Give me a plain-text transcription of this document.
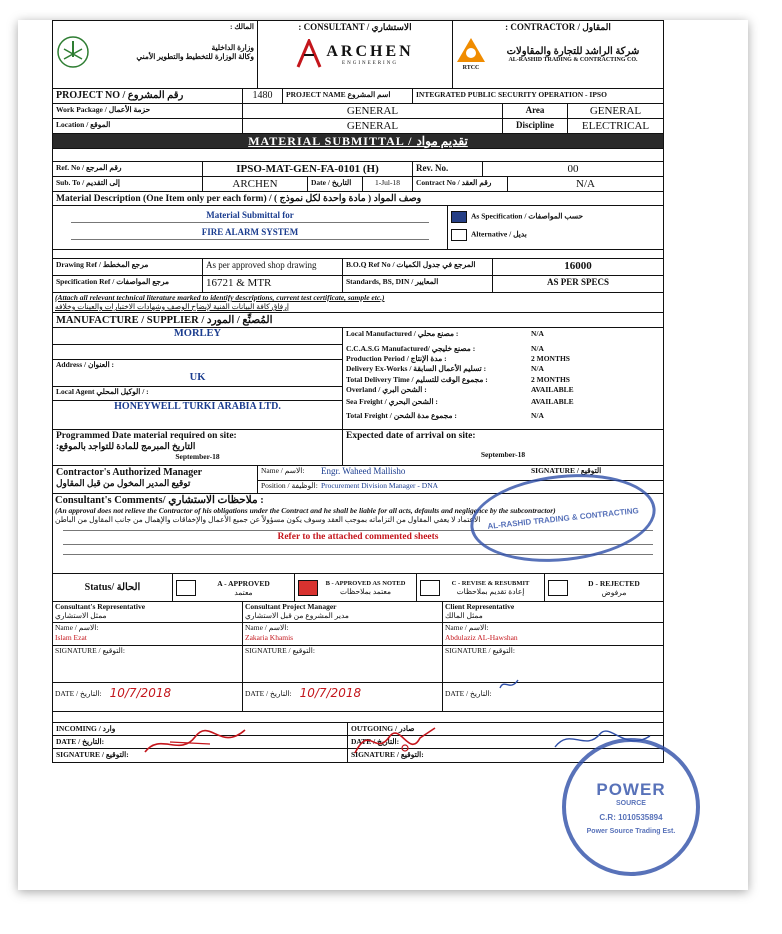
المالك :
وزارة الداخلية
وكالة الوزارة للتخطيط والتطوير الأمني
: CONSULTANT / الاستشاري
ARCHEN
ENGINEERING
: CONTRACTOR / المقاول
RTCC
شركة الراشد للتجارة والمقاولات
AL-RASHID TRADING & CONTRACTING CO.
PROJECT NO / رقم المشروع	1480	PROJECT NAME اسم المشروع	INTEGRATED PUBLIC SECURITY OPERATION - IPSO
Work Package / حزمة الأعمال	GENERAL	Area	GENERAL
Location / الموقع	GENERAL	Discipline	ELECTRICAL
MATERIAL SUBMITTAL / تقديم مواد
Ref. No / رقم المرجع	IPSO-MAT-GEN-FA-0101 (H)	Rev. No.	00
Sub. To / إلى التقديم	ARCHEN	Date / التاريخ	1-Jul-18	Contract No / رقم العقد	N/A
Material Description (One Item only per each form) / وصف المواد ( مادة واحدة لكل نموذج )
Material Submittal for
FIRE ALARM SYSTEM
As Specification / حسب المواصفات
Alternative / بديل
Drawing Ref / مرجع المخطط	As per approved shop drawing	B.O.Q Ref No / المرجع في جدول الكميات	16000
Specification Ref / مرجع المواصفات	16721 & MTR	Standards, BS, DIN / المعايير	AS PER SPECS
(Attach all relevant technical literature marked to identify descriptions, current test certificate, sample etc.)
إرفاق كافة البيانات الفنية لإيضاح الوصف وشهادات الاختبارات والعينات وخلافه
MANUFACTURE / SUPPLIER / المُصنِّع / المورد
MORLEY
Address / العنوان :
UK
Local Agent الوكيل المحلي / :
HONEYWELL TURKI ARABIA LTD.
Local Manufactured / مصنع محلي :	N/A
C.C.A.S.G Manufactured/ مصنع خليجي :	N/A
Production Period / مدة الإنتاج :	2 MONTHS
Delivery Ex-Works / تسليم الأعمال السابقة :	N/A
Total Delivery Time / مجموع الوقت للتسليم :	2 MONTHS
Overland / الشحن البري :	AVAILABLE
Sea Freight / الشحن البحري :	AVAILABLE
Total Freight / مجموع مدة الشحن :	N/A
Programmed Date material required on site:
التاريخ المبرمج للمادة للتواجد بالموقع:
September-18
Expected date of arrival on site:
September-18
Contractor's Authorized Manager
توقيع المدير المخول من قبل المقاول
Name / الاسم:	Engr. Waheed Mallisho	SIGNATURE / التوقيع
Position / الوظيفة: Procurement Division Manager - DNA
Consultant's Comments/ ملاحظات الاستشاري :
(An approval does not relieve the Contractor of his obligations under the Contract and he shall be liable for all acts, defaults and negligence by the subcontractor)
الاعتماد لا يعفي المقاول من التزاماته بموجب العقد وسوف يكون مسؤولاً عن جميع الأعمال والإخفاقات والإهمال من جانب المقاول من الباطن
Refer to the attached commented sheets
Status/ الحالة	A - APPROVED
معتمد
B - APPROVED AS NOTED
معتمد بملاحظات
C - REVISE & RESUBMIT
إعادة تقديم بملاحظات
D - REJECTED
مرفوض
Consultant's Representative
ممثل الاستشاري
Name / الاسم:
Islam Ezat
SIGNATURE / التوقيع:
DATE / التاريخ: 10/7/2018
Consultant Project Manager
مدير المشروع من قبل الاستشاري
Name / الاسم:
Zakaria Khamis
SIGNATURE / التوقيع:
DATE / التاريخ: 10/7/2018
Client Representative
ممثل المالك
Name / الاسم:
Abdulaziz AL-Hawshan
SIGNATURE / التوقيع:
DATE / التاريخ:
INCOMING / وارد	OUTGOING / صادر
DATE / التاريخ:	DATE / التاريخ:
SIGNATURE / التوقيع:	SIGNATURE / التوقيع:
AL-RASHID TRADING & CONTRACTING
POWER
SOURCE
C.R: 1010535894
Power Source Trading Est.
